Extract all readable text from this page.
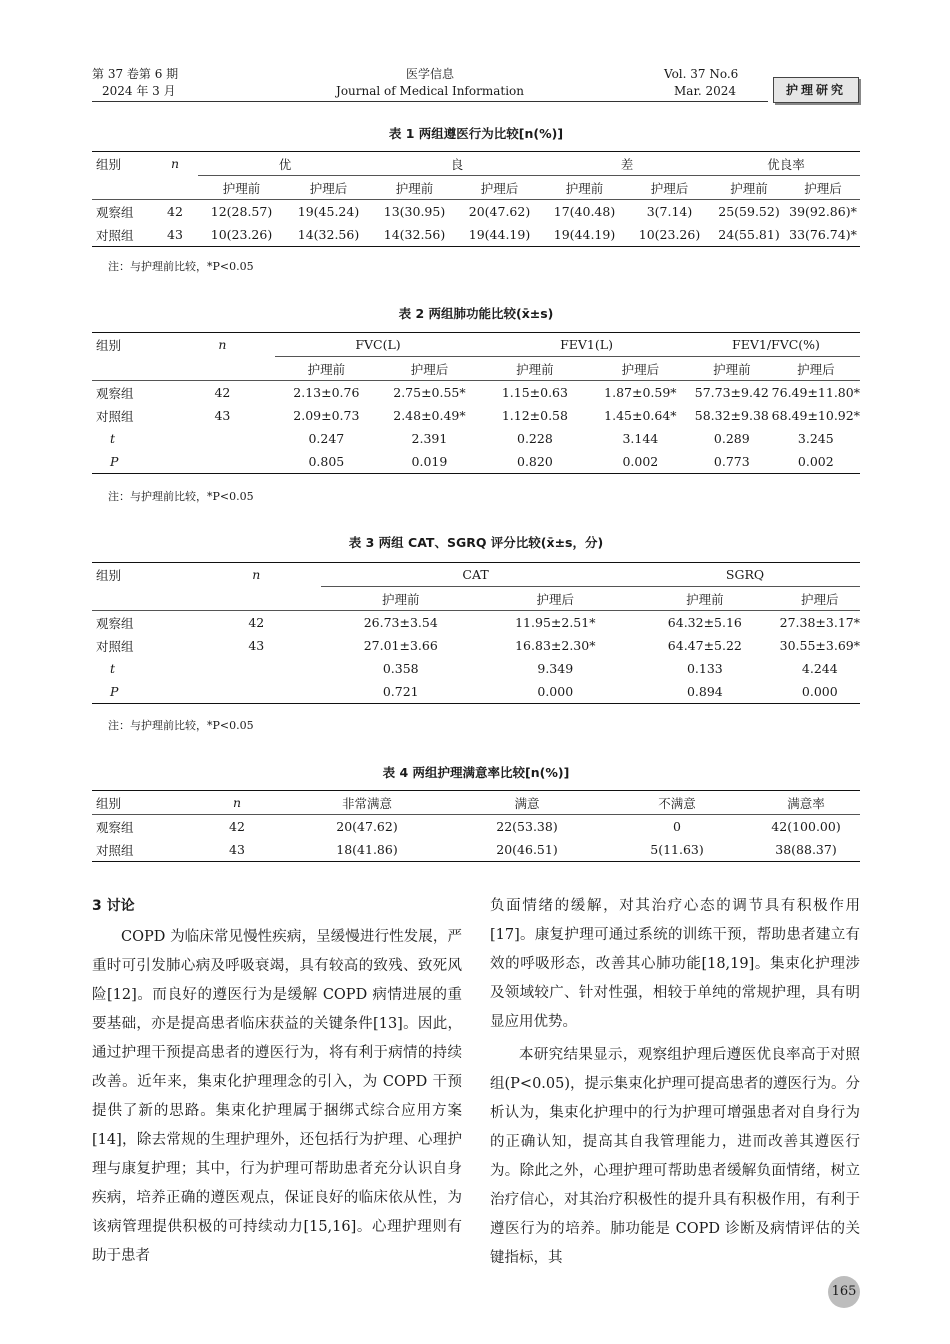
第 37 卷第 6 期
2024 年 3 月
医学信息
Journal of Medical Information
Vol. 37 No.6
Mar. 2024	护理研究
表 1 两组遵医行为比较[n(%)]
组别	n	优		良		差		优良率	
		护理前	护理后	护理前	护理后	护理前	护理后	护理前	护理后
观察组	42	12(28.57)	19(45.24)	13(30.95)	20(47.62)	17(40.48)	3(7.14)	25(59.52)	39(92.86)*
对照组	43	10(23.26)	14(32.56)	14(32.56)	19(44.19)	19(44.19)	10(23.26)	24(55.81)	33(76.74)*
注：与护理前比较，*P<0.05
表 2 两组肺功能比较(x̄±s)
组别	n	FVC(L)		FEV1(L)		FEV1/FVC(%)	
		护理前	护理后	护理前	护理后	护理前	护理后
观察组	42	2.13±0.76	2.75±0.55*	1.15±0.63	1.87±0.59*	57.73±9.42	76.49±11.80*
对照组	43	2.09±0.73	2.48±0.49*	1.12±0.58	1.45±0.64*	58.32±9.38	68.49±10.92*
t		0.247	2.391	0.228	3.144	0.289	3.245
P		0.805	0.019	0.820	0.002	0.773	0.002
注：与护理前比较，*P<0.05
表 3 两组 CAT、SGRQ 评分比较(x̄±s，分)
组别	n	CAT		SGRQ	
		护理前	护理后	护理前	护理后
观察组	42	26.73±3.54	11.95±2.51*	64.32±5.16	27.38±3.17*
对照组	43	27.01±3.66	16.83±2.30*	64.47±5.22	30.55±3.69*
t		0.358	9.349	0.133	4.244
P		0.721	0.000	0.894	0.000
注：与护理前比较，*P<0.05
表 4 两组护理满意率比较[n(%)]
组别	n	非常满意	满意	不满意	满意率
观察组	42	20(47.62)	22(53.38)	0	42(100.00)
对照组	43	18(41.86)	20(46.51)	5(11.63)	38(88.37)
3 讨论

COPD 为临床常见慢性疾病，呈缓慢进行性发展，严重时可引发肺心病及呼吸衰竭，具有较高的致残、致死风险[12]。而良好的遵医行为是缓解 COPD 病情进展的重要基础，亦是提高患者临床获益的关键条件[13]。因此，通过护理干预提高患者的遵医行为，将有利于病情的持续改善。近年来，集束化护理理念的引入，为 COPD 干预提供了新的思路。集束化护理属于捆绑式综合应用方案[14]，除去常规的生理护理外，还包括行为护理、心理护理与康复护理；其中，行为护理可帮助患者充分认识自身疾病，培养正确的遵医观点，保证良好的临床依从性，为该病管理提供积极的可持续动力[15,16]。心理护理则有助于患者

负面情绪的缓解，对其治疗心态的调节具有积极作用[17]。康复护理可通过系统的训练干预，帮助患者建立有效的呼吸形态，改善其心肺功能[18,19]。集束化护理涉及领域较广、针对性强，相较于单纯的常规护理，具有明显应用优势。

本研究结果显示，观察组护理后遵医优良率高于对照组(P<0.05)，提示集束化护理可提高患者的遵医行为。分析认为，集束化护理中的行为护理可增强患者对自身行为的正确认知，提高其自我管理能力，进而改善其遵医行为。除此之外，心理护理可帮助患者缓解负面情绪，树立治疗信心，对其治疗积极性的提升具有积极作用，有利于遵医行为的培养。肺功能是 COPD 诊断及病情评估的关键指标，其

165
